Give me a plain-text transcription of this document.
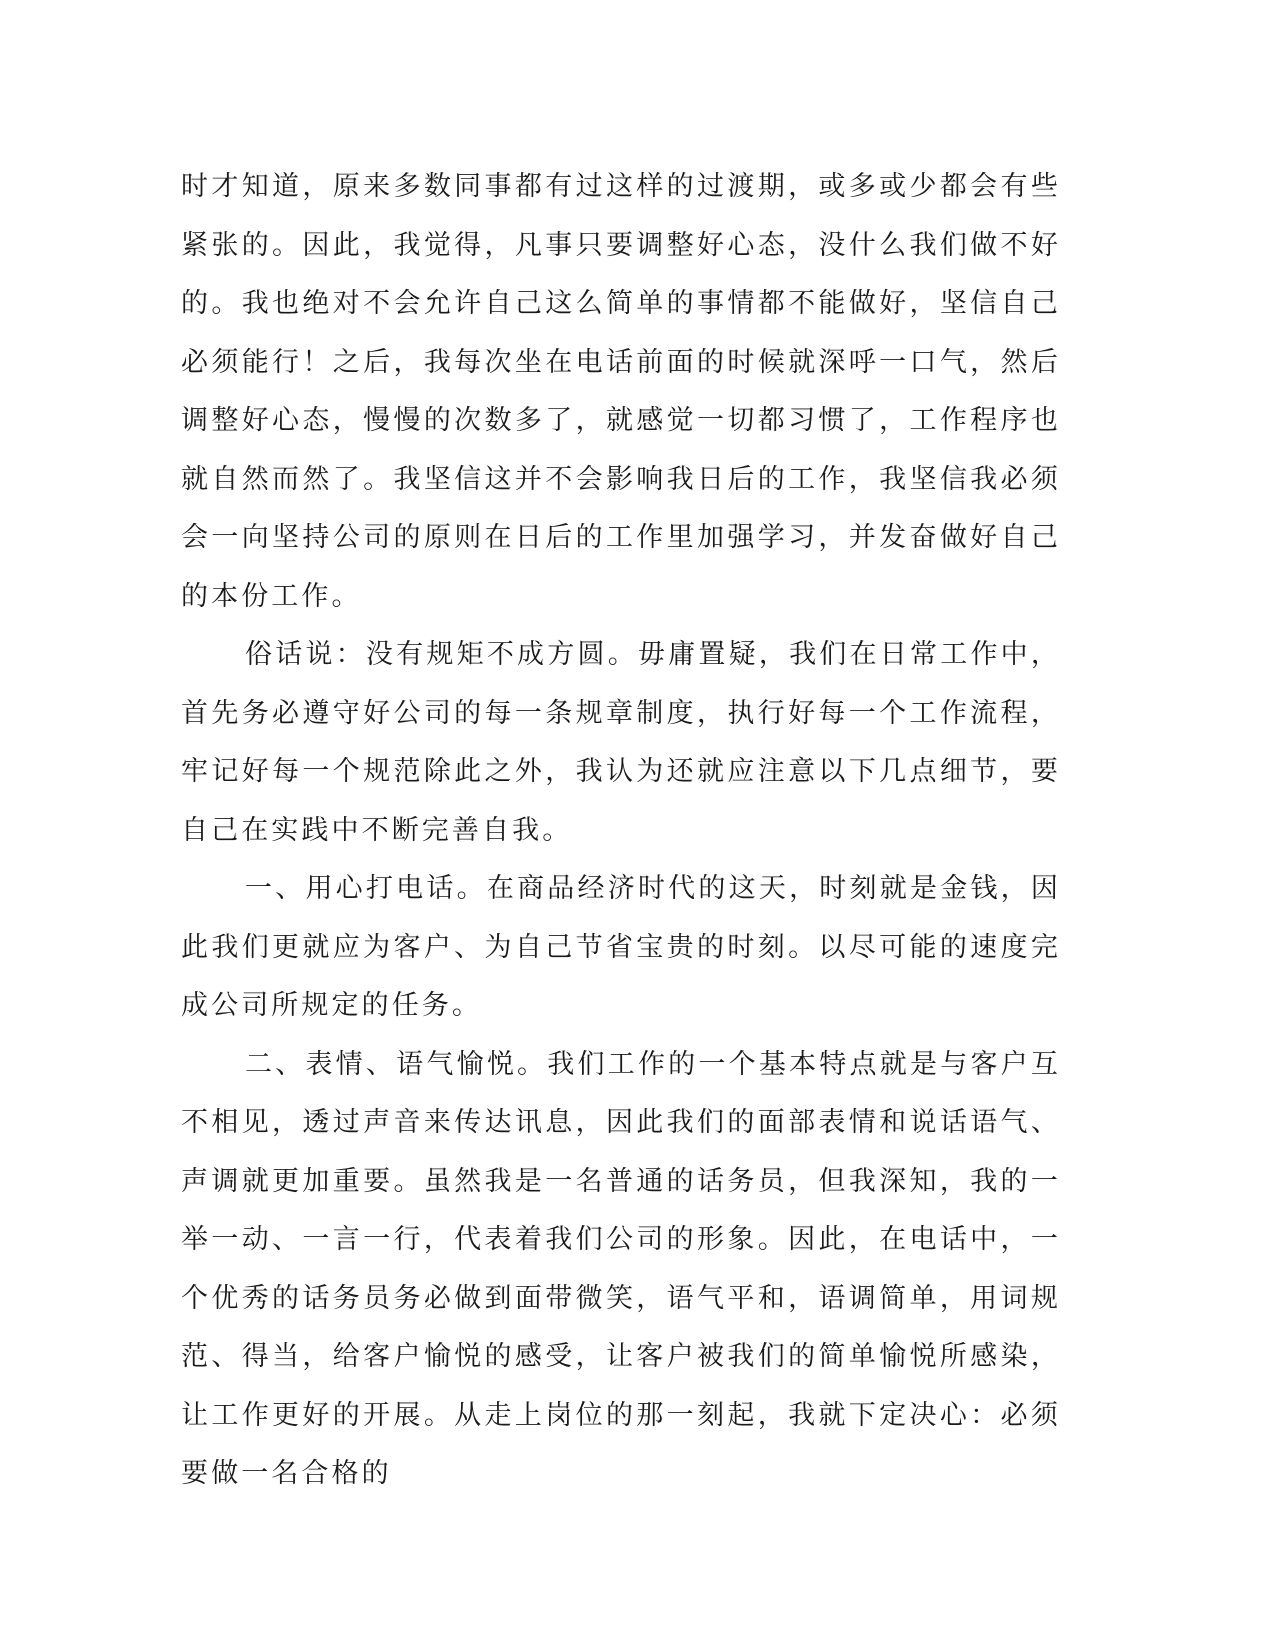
时才知道，原来多数同事都有过这样的过渡期，或多或少都会有些紧张的。因此，我觉得，凡事只要调整好心态，没什么我们做不好的。我也绝对不会允许自己这么简单的事情都不能做好，坚信自己必须能行！之后，我每次坐在电话前面的时候就深呼一口气，然后调整好心态，慢慢的次数多了，就感觉一切都习惯了，工作程序也就自然而然了。我坚信这并不会影响我日后的工作，我坚信我必须会一向坚持公司的原则在日后的工作里加强学习，并发奋做好自己的本份工作。

俗话说：没有规矩不成方圆。毋庸置疑，我们在日常工作中，首先务必遵守好公司的每一条规章制度，执行好每一个工作流程，牢记好每一个规范除此之外，我认为还就应注意以下几点细节，要自己在实践中不断完善自我。

一、用心打电话。在商品经济时代的这天，时刻就是金钱，因此我们更就应为客户、为自己节省宝贵的时刻。以尽可能的速度完成公司所规定的任务。

二、表情、语气愉悦。我们工作的一个基本特点就是与客户互不相见，透过声音来传达讯息，因此我们的面部表情和说话语气、声调就更加重要。虽然我是一名普通的话务员，但我深知，我的一举一动、一言一行，代表着我们公司的形象。因此，在电话中，一个优秀的话务员务必做到面带微笑，语气平和，语调简单，用词规范、得当，给客户愉悦的感受，让客户被我们的简单愉悦所感染，让工作更好的开展。从走上岗位的那一刻起，我就下定决心：必须要做一名合格的
